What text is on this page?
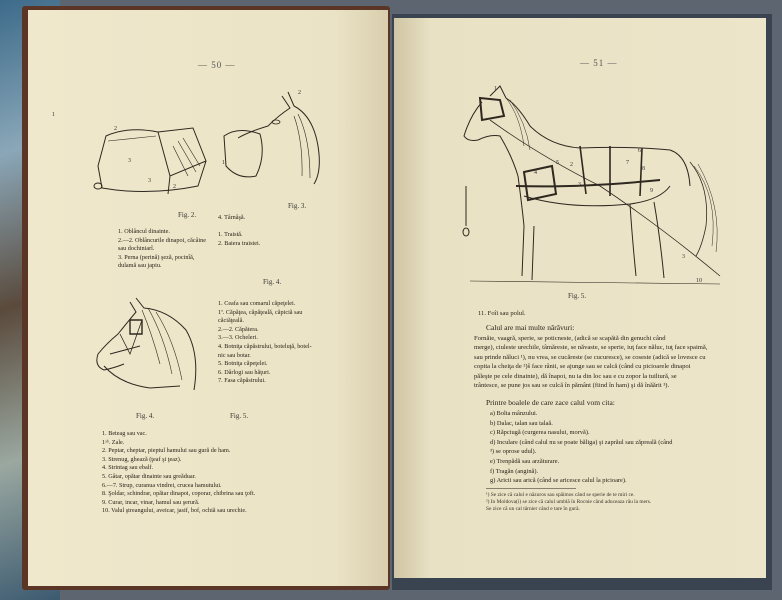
— 50 —
1
2
3
3
2
Fig. 2.
2
1
Fig. 3.
1. Oblâncul dinainte.
2.—2. Oblâncurile dinapoi, căcâine
sau dochiniarî.
3. Perna (perină) şeză, pocinîă,
dulamă sau japiu.
4. Târnâşă.

1. Traistă.
2. Baiera traistei.
Fig. 4.
Fig. 4.
1. Ceafa sau comarul căpeţelei.
1ª. Căpăţea, căpăţeală, căpiciă sau
căciăţeală.
2.—2. Căpătera.
3.—3. Ocheleri.
4. Botniţa căpăstrului, boteluţă, botel-
nic sau botar.
5. Botniţa căpeţelei.
6. Dârlogi sau hăţuri.
7. Fasa căpăstrului.
Fig. 5.
1. Beteag sau vac.
1ᵃᵇ. Zale.
2. Peptar, cheptar, pieptul hamului sau gură de ham.
3. Strenug, ghează (ţeaf şi ţeaz).
4. Strintag sau ebalf.
5. Gâtar, opătar dinainte sau greăduar.
6.—7. Strup, curanua vindrei, crucea hamutului.
8. Şoldar, schindrar, opătar dinapoi, coporar, chibrina sau ţoft.
9. Curar, incar, vinar, hamul sau şerură.
10. Valul ştreangului, aveicar, jasif, bof, ochiă sau urechie.
— 51 —
1
2
3
4
5
6
7
8
9
3
10
Fig. 5.
11. Foîi sau polul.
Calul are mai multe nărăvuri:
Fornăie, vaagră, sperie, se poticneste, (adică se scapătă din genuchi când
merge), ciuleste urechile, tâmăreste, se năvaste, se sperie, iuţ face năluc, iuţ face spaimă,
sau prinde năluci ¹), nu vrea, se cucăreste (se cucuresce), se coseste (adică se lovesce cu
copita la cheiţa de ²)ŝ face rânii, se ajunge sau se calcă (când cu picioarele dinapoi
păleşte pe cele dinainte), dă înapoi, nu ia din loc sau e cu zopor la tuiltură, se
trântesce, se pune jos sau se culcă în pământ (fiind în ham) şi dă înăărit ³).
Printre boalele de care zace calul vom cita:
a) Bolta mânzului.
b) Dalac, talan sau talaă.
c) Răpciugă (curgerea nasului, morvă).
d) Inculare (când calul nu se poate băliga) şi zaprăul sau zăpreală (când
³) se oprose udul).
e) Trenpădă sau arzăturare.
f) Tragăn (angină).
g) Aricii sau arică (când se aricesce calul la picioare).
¹) Se zice că calul e năzuros sau spăimos când se sperie de te miri ce.
²) In Moldova(i) se zice că calul umblă în Rocnie când aduceaza râu la mers.
Se zice că un cal târnier când e tare în gură.
